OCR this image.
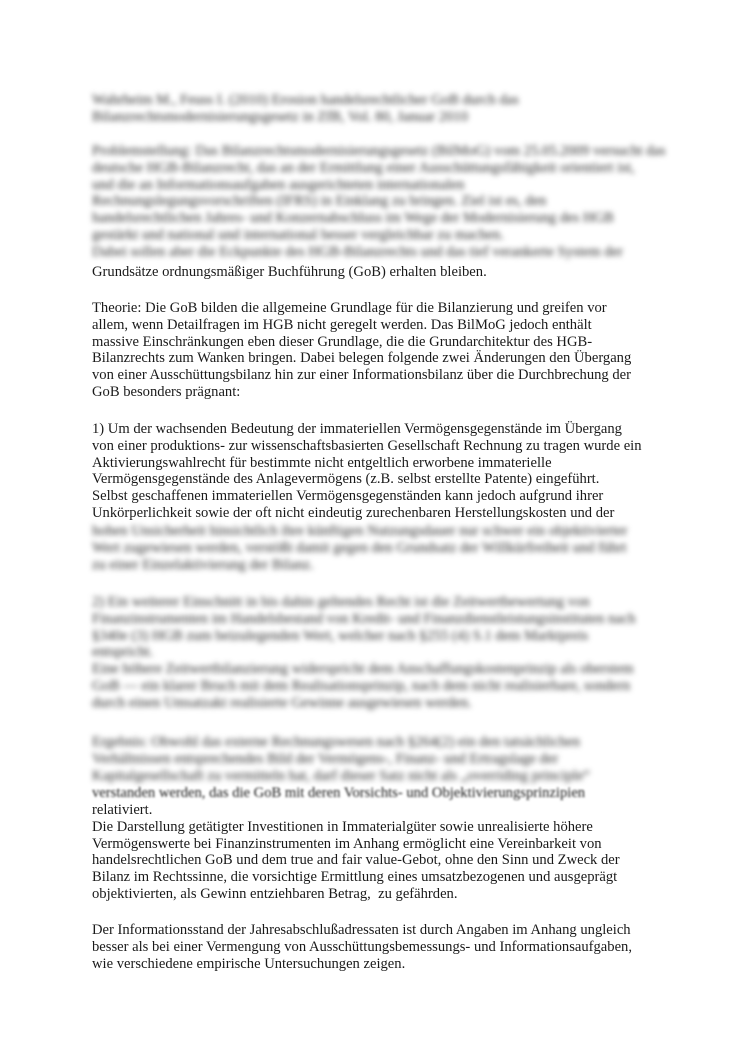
Wahrheim M., Feuss I. (2010) Erosion handelsrechtlicher GoB durch das
Bilanzrechtsmodernisierungsgesetz in ZfB, Vol. 80, Januar 2010
Problemstellung: Das Bilanzrechtsmodernisierungsgesetz (BilMoG) vom 25.05.2009 versucht das
deutsche HGB-Bilanzrecht, das an der Ermittlung einer Ausschüttungsfähigkeit orientiert ist,
und die an Informationsaufgaben ausgerichteten internationalen
Rechnungslegungsvorschriften (IFRS) in Einklang zu bringen. Ziel ist es, den
handelsrechtlichen Jahres- und Konzernabschluss im Wege der Modernisierung des HGB
gestärkt und national und international besser vergleichbar zu machen.
Dabei sollen aber die Eckpunkte des HGB-Bilanzrechts und das tief verankerte System der
Grundsätze ordnungsmäßiger Buchführung (GoB) erhalten bleiben.
Theorie: Die GoB bilden die allgemeine Grundlage für die Bilanzierung und greifen vor
allem, wenn Detailfragen im HGB nicht geregelt werden. Das BilMoG jedoch enthält
massive Einschränkungen eben dieser Grundlage, die die Grundarchitektur des HGB-
Bilanzrechts zum Wanken bringen. Dabei belegen folgende zwei Änderungen den Übergang
von einer Ausschüttungsbilanz hin zur einer Informationsbilanz über die Durchbrechung der
GoB besonders prägnant:
1) Um der wachsenden Bedeutung der immateriellen Vermögensgegenstände im Übergang
von einer produktions- zur wissenschaftsbasierten Gesellschaft Rechnung zu tragen wurde ein
Aktivierungswahlrecht für bestimmte nicht entgeltlich erworbene immaterielle
Vermögensgegenstände des Anlagevermögens (z.B. selbst erstellte Patente) eingeführt.
Selbst geschaffenen immateriellen Vermögensgegenständen kann jedoch aufgrund ihrer
Unkörperlichkeit sowie der oft nicht eindeutig zurechenbaren Herstellungskosten und der
hohen Unsicherheit hinsichtlich ihre künftigen Nutzungsdauer nur schwer ein objektivierter
Wert zugewiesen werden, verstößt damit gegen den Grundsatz der Willkürfreiheit und führt
zu einer Einzelaktivierung der Bilanz.
2) Ein weiterer Einschnitt in bis dahin geltendes Recht ist die Zeitwertbewertung von
Finanzinstrumenten im Handelsbestand von Kredit- und Finanzdienstleistungsinstituten nach
§340e (3) HGB zum beizulegenden Wert, welcher nach §255 (4) S.1 dem Marktpreis
entspricht.
Eine höhere Zeitwertbilanzierung widerspricht dem Anschaffungskostenprinzip als oberstem
GoB — ein klarer Bruch mit dem Realisationsprinzip, nach dem nicht realisierbare, sondern
durch einen Umsatzakt realisierte Gewinne ausgewiesen werden.
Ergebnis: Obwohl das externe Rechnungswesen nach §264(2) ein den tatsächlichen
Verhältnissen entsprechendes Bild der Vermögens-, Finanz- und Ertragslage der
Kapitalgesellschaft zu vermitteln hat, darf dieser Satz nicht als „overriding principle“
verstanden werden, das die GoB mit deren Vorsichts- und Objektivierungsprinzipien
relativiert.
Die Darstellung getätigter Investitionen in Immaterialgüter sowie unrealisierte höhere
Vermögenswerte bei Finanzinstrumenten im Anhang ermöglicht eine Vereinbarkeit von
handelsrechtlichen GoB und dem true and fair value-Gebot, ohne den Sinn und Zweck der
Bilanz im Rechtssinne, die vorsichtige Ermittlung eines umsatzbezogenen und ausgeprägt
objektivierten, als Gewinn entziehbaren Betrag,  zu gefährden.
Der Informationsstand der Jahresabschlußadressaten ist durch Angaben im Anhang ungleich
besser als bei einer Vermengung von Ausschüttungsbemessungs- und Informationsaufgaben,
wie verschiedene empirische Untersuchungen zeigen.
